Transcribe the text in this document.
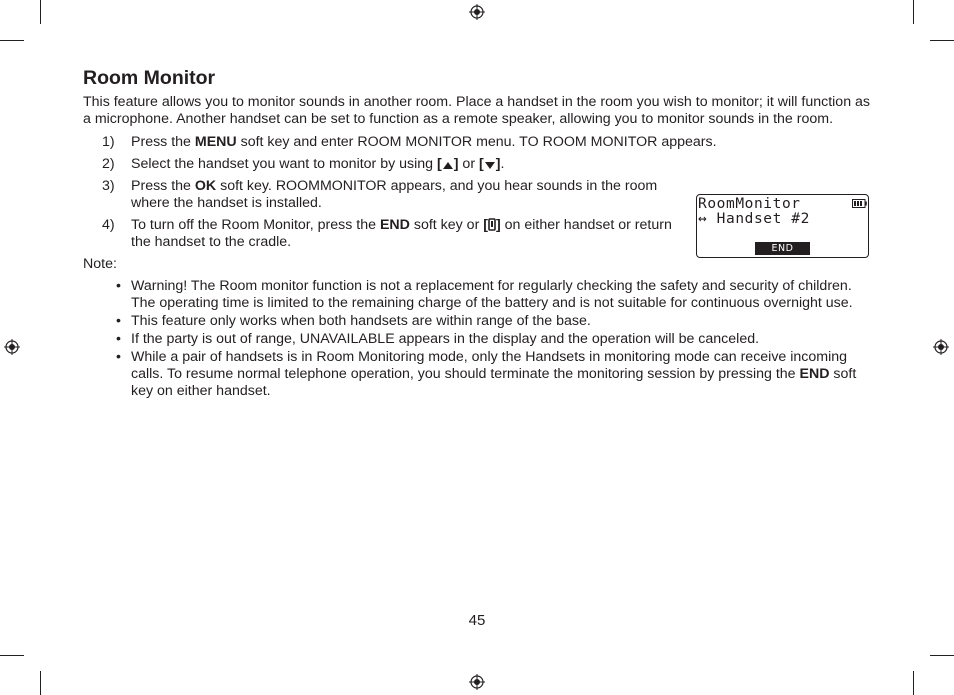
Room Monitor

This feature allows you to monitor sounds in another room. Place a handset in the room you wish to monitor; it will function as a microphone. Another handset can be set to function as a remote speaker, allowing you to monitor sounds in the room.

1) Press the MENU soft key and enter ROOM MONITOR menu. TO ROOM MONITOR appears.
2) Select the handset you want to monitor by using [ ] or [ ].
3) Press the OK soft key. ROOMMONITOR appears, and you hear sounds in the room where the handset is installed.
4) To turn off the Room Monitor, press the END soft key or [ ] on either handset or return the handset to the cradle.

Note:

• Warning! The Room monitor function is not a replacement for regularly checking the safety and security of children. The operating time is limited to the remaining charge of the battery and is not suitable for continuous overnight use.
• This feature only works when both handsets are within range of the base.
• If the party is out of range, UNAVAILABLE appears in the display and the operation will be canceled.
• While a pair of handsets is in Room Monitoring mode, only the Handsets in monitoring mode can receive incoming calls. To resume normal telephone operation, you should terminate the monitoring session by pressing the END soft key on either handset.
RoomMonitor
↔ Handset #2
END
45
